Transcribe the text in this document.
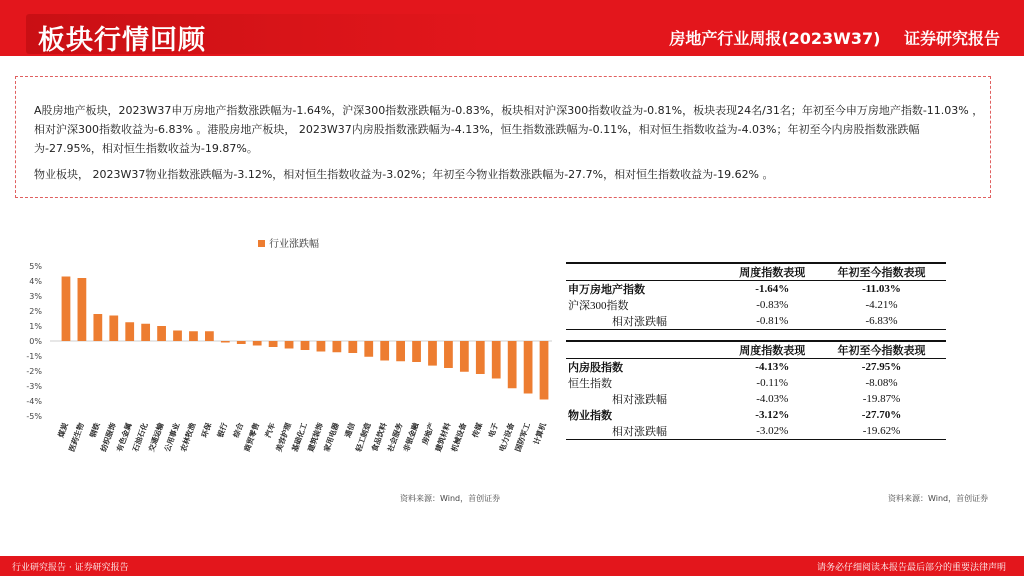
板块行情回顾	房地产行业周报(2023W37) 证券研究报告
A股房地产板块，2023W37申万房地产指数涨跌幅为-1.64%，沪深300指数涨跌幅为-0.83%，板块相对沪深300指数收益为-0.81%，板块表现24名/31名；年初至今申万房地产指数-11.03% ，相对沪深300指数收益为-6.83% 。港股房地产板块， 2023W37内房股指数涨跌幅为-4.13%，恒生指数涨跌幅为-0.11%，相对恒生指数收益为-4.03%；年初至今内房股指数涨跌幅为-27.95%，相对恒生指数收益为-19.87%。
物业板块， 2023W37物业指数涨跌幅为-3.12%，相对恒生指数收益为-3.02%；年初至今物业指数涨跌幅为-27.7%，相对恒生指数收益为-19.62% 。
行业涨跌幅
5%
4%
3%
2%
1%
0%
-1%
-2%
-3%
-4%
-5%
煤炭
医药生物 钢铁
纺织服饰
有色金属
石油石化
交通运输
公用事业
农林牧渔 环保 银行 综合
商贸零售 汽车
美容护理
基础化工
建筑装饰
家用电器 通信
轻工制造
食品饮料
社会服务
非银金融 房地产
建筑材料
机械设备 传媒 电子
电力设备
国防军工 计算机
资料来源：Wind，首创证券
	周度指数表现	年初至今指数表现
申万房地产指数	-1.64%	-11.03%
沪深300指数	-0.83%	-4.21%
相对涨跌幅	-0.81%	-6.83%

	周度指数表现	年初至今指数表现
内房股指数	-4.13%	-27.95%
恒生指数	-0.11%	-8.08%
相对涨跌幅	-4.03%	-19.87%
物业指数	-3.12%	-27.70%
相对涨跌幅	-3.02%	-19.62%
资料来源：Wind，首创证券
行业研究报告 · 证券研究报告	请务必仔细阅读本报告最后部分的重要法律声明
